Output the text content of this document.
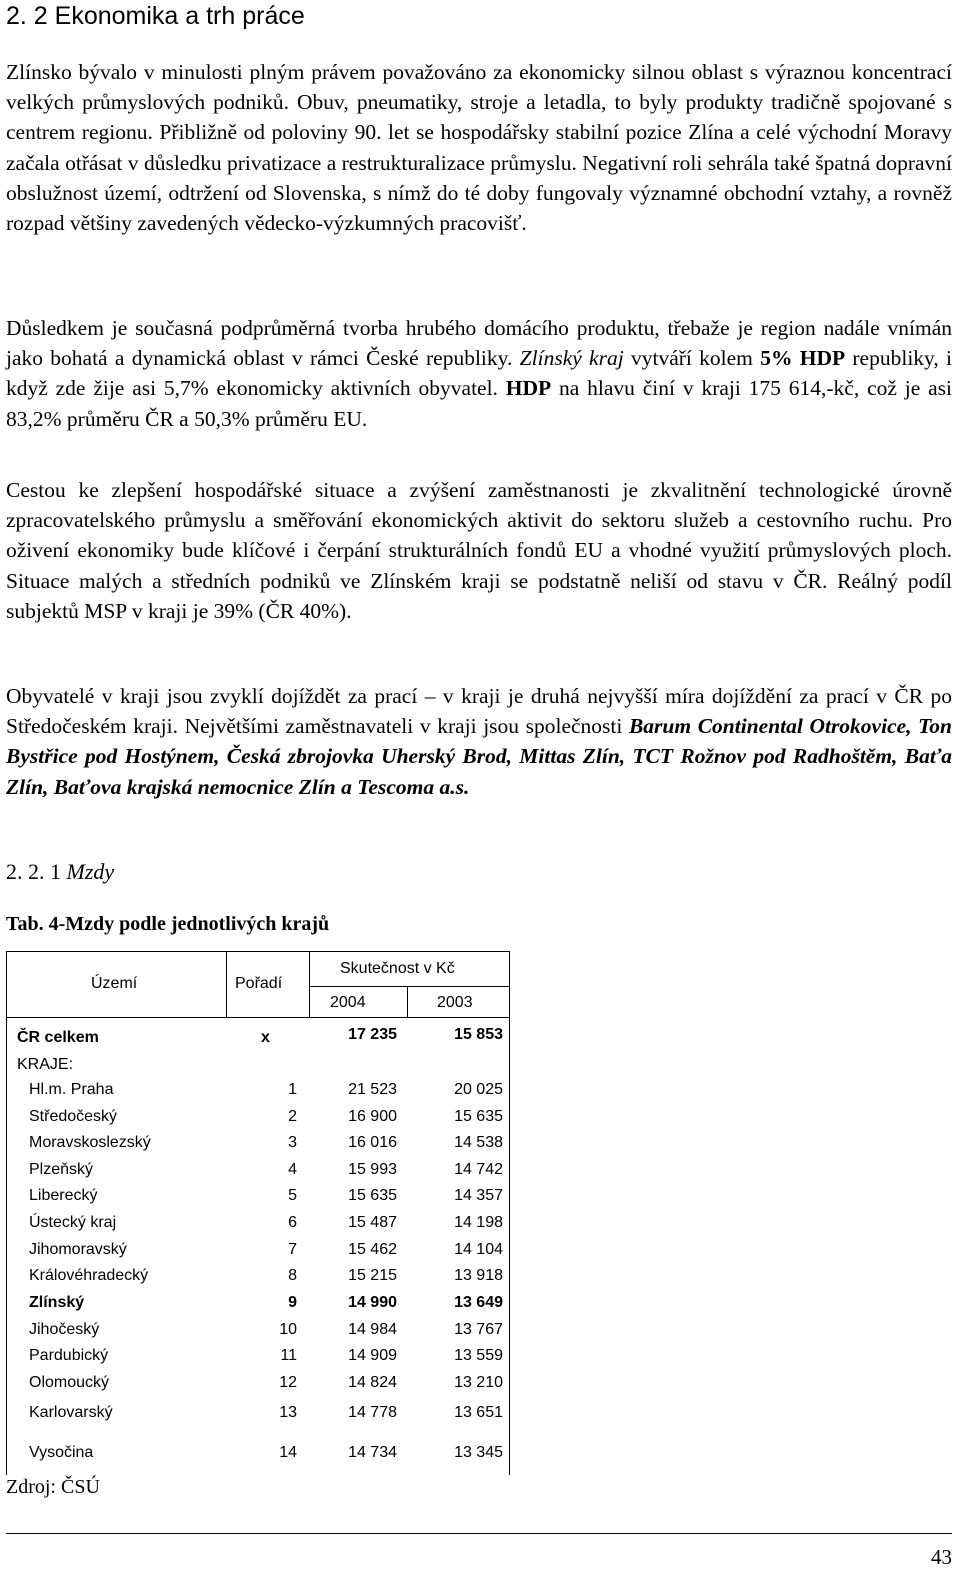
2. 2 Ekonomika a trh práce

Zlínsko bývalo v minulosti plným právem považováno za ekonomicky silnou oblast s výraznou koncentrací velkých průmyslových podniků. Obuv, pneumatiky, stroje a letadla, to byly produkty tradičně spojované s centrem regionu. Přibližně od poloviny 90. let se hospodářsky stabilní pozice Zlína a celé východní Moravy začala otřásat v důsledku privatizace a restrukturalizace průmyslu. Negativní roli sehrála také špatná dopravní obslužnost území, odtržení od Slovenska, s nímž do té doby fungovaly významné obchodní vztahy, a rovněž rozpad většiny zavedených vědecko-výzkumných pracovišť.

Důsledkem je současná podprůměrná tvorba hrubého domácího produktu, třebaže je region nadále vnímán jako bohatá a dynamická oblast v rámci České republiky. Zlínský kraj vytváří kolem 5% HDP republiky, i když zde žije asi 5,7% ekonomicky aktivních obyvatel. HDP na hlavu činí v kraji 175 614,-kč, což je asi 83,2% průměru ČR a 50,3% průměru EU.

Cestou ke zlepšení hospodářské situace a zvýšení zaměstnanosti je zkvalitnění technologické úrovně zpracovatelského průmyslu a směřování ekonomických aktivit do sektoru služeb a cestovního ruchu. Pro oživení ekonomiky bude klíčové i čerpání strukturálních fondů EU a vhodné využití průmyslových ploch. Situace malých a středních podniků ve Zlínském kraji se podstatně neliší od stavu v ČR. Reálný podíl subjektů MSP v kraji je 39% (ČR 40%).

Obyvatelé v kraji jsou zvyklí dojíždět za prací – v kraji je druhá nejvyšší míra dojíždění za prací v ČR po Středočeském kraji. Největšími zaměstnavateli v kraji jsou společnosti Barum Continental Otrokovice, Ton Bystřice pod Hostýnem, Česká zbrojovka Uherský Brod, Mittas Zlín, TCT Rožnov pod Radhoštěm, Baťa Zlín, Baťova krajská nemocnice Zlín a Tescoma a.s.

2. 2. 1 Mzdy

Tab. 4-Mzdy podle jednotlivých krajů

Území	Pořadí
Skutečnost v Kč
2004	2003
ČR celkem	x	17 235	15 853
KRAJE:
Hl.m. Praha	1	21 523	20 025
Středočeský	2	16 900	15 635
Moravskoslezský	3	16 016	14 538
Plzeňský	4	15 993	14 742
Liberecký	5	15 635	14 357
Ústecký kraj	6	15 487	14 198
Jihomoravský	7	15 462	14 104
Královéhradecký	8	15 215	13 918
Zlínský	9	14 990	13 649
Jihočeský	10	14 984	13 767
Pardubický	11	14 909	13 559
Olomoucký	12	14 824	13 210
Karlovarský	13	14 778	13 651
Vysočina	14	14 734	13 345

Zdroj: ČSÚ

43
